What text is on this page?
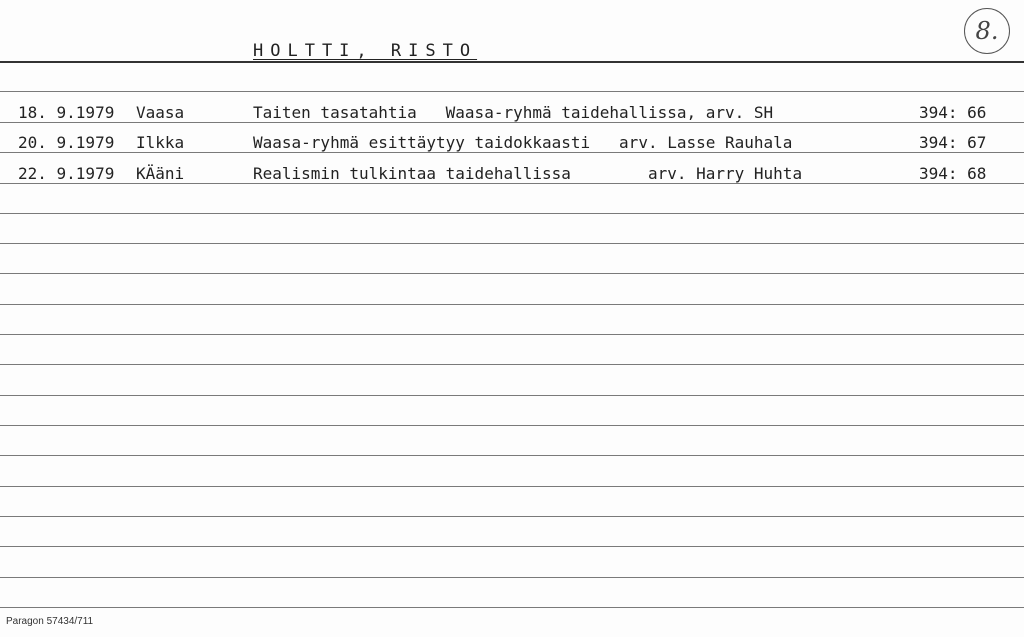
HOLTTI, RISTO
8.
18. 9.1979 Vaasa	Taiten tasatahtia   Waasa-ryhmä taidehallissa, arv. SH	394: 66
20. 9.1979 Ilkka	Waasa-ryhmä esittäytyy taidokkaasti   arv. Lasse Rauhala	394: 67
22. 9.1979 KÄäni	Realismin tulkintaa taidehallissa        arv. Harry Huhta	394: 68
Paragon 57434/711
